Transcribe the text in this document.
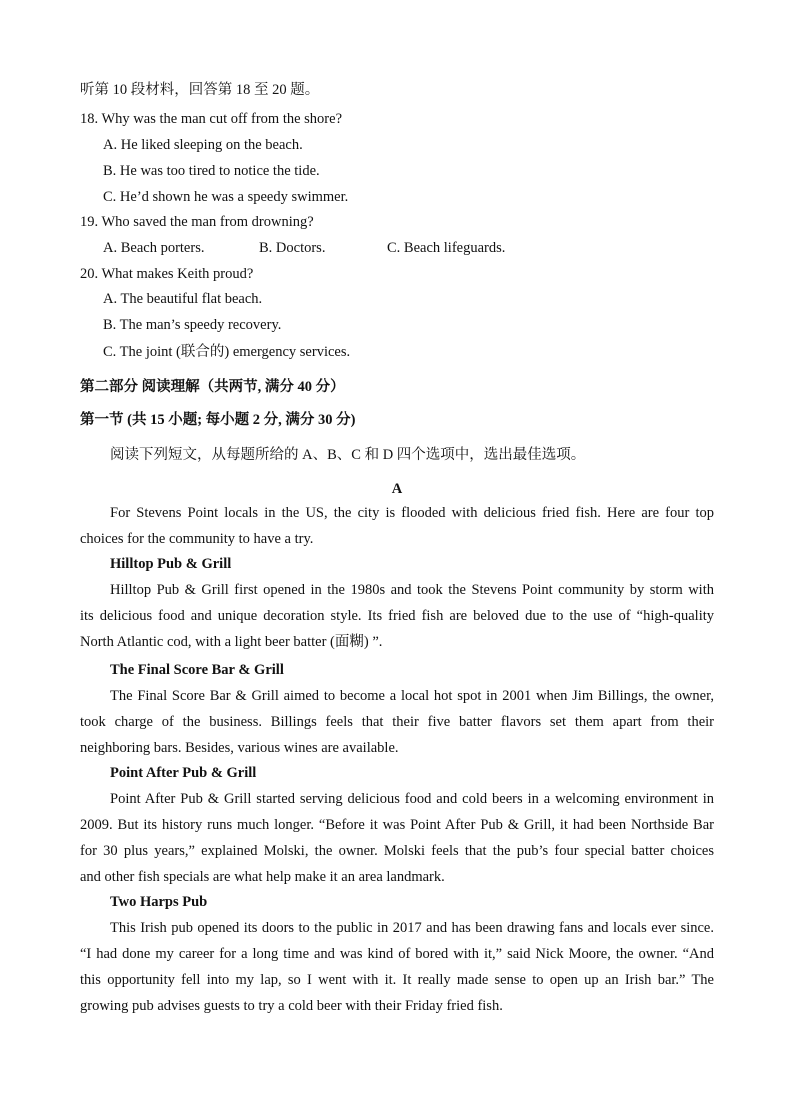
听第 10 段材料，回答第 18 至 20 题。
18. Why was the man cut off from the shore?
A. He liked sleeping on the beach.
B. He was too tired to notice the tide.
C. He’d shown he was a speedy swimmer.
19. Who saved the man from drowning?
A. Beach porters.	B. Doctors.	C. Beach lifeguards.
20. What makes Keith proud?
A. The beautiful flat beach.
B. The man’s speedy recovery.
C. The joint (联合的) emergency services.
第二部分 阅读理解（共两节, 满分 40 分）
第一节 (共 15 小题; 每小题 2 分, 满分 30 分)
阅读下列短文，从每题所给的 A、B、C 和 D 四个选项中，选出最佳选项。
A
For Stevens Point locals in the US, the city is flooded with delicious fried fish. Here are four top
choices for the community to have a try.
Hilltop Pub & Grill
Hilltop Pub & Grill first opened in the 1980s and took the Stevens Point community by storm with
its delicious food and unique decoration style. Its fried fish are beloved due to the use of “high-quality
North Atlantic cod, with a light beer batter (面糊) ”.
The Final Score Bar & Grill
The Final Score Bar & Grill aimed to become a local hot spot in 2001 when Jim Billings, the owner,
took charge of the business. Billings feels that their five batter flavors set them apart from their
neighboring bars. Besides, various wines are available.
Point After Pub & Grill
Point After Pub & Grill started serving delicious food and cold beers in a welcoming environment in
2009. But its history runs much longer. “Before it was Point After Pub & Grill, it had been Northside Bar
for 30 plus years,” explained Molski, the owner. Molski feels that the pub’s four special batter choices
and other fish specials are what help make it an area landmark.
Two Harps Pub
This Irish pub opened its doors to the public in 2017 and has been drawing fans and locals ever since.
“I had done my career for a long time and was kind of bored with it,” said Nick Moore, the owner. “And
this opportunity fell into my lap, so I went with it. It really made sense to open up an Irish bar.” The
growing pub advises guests to try a cold beer with their Friday fried fish.
